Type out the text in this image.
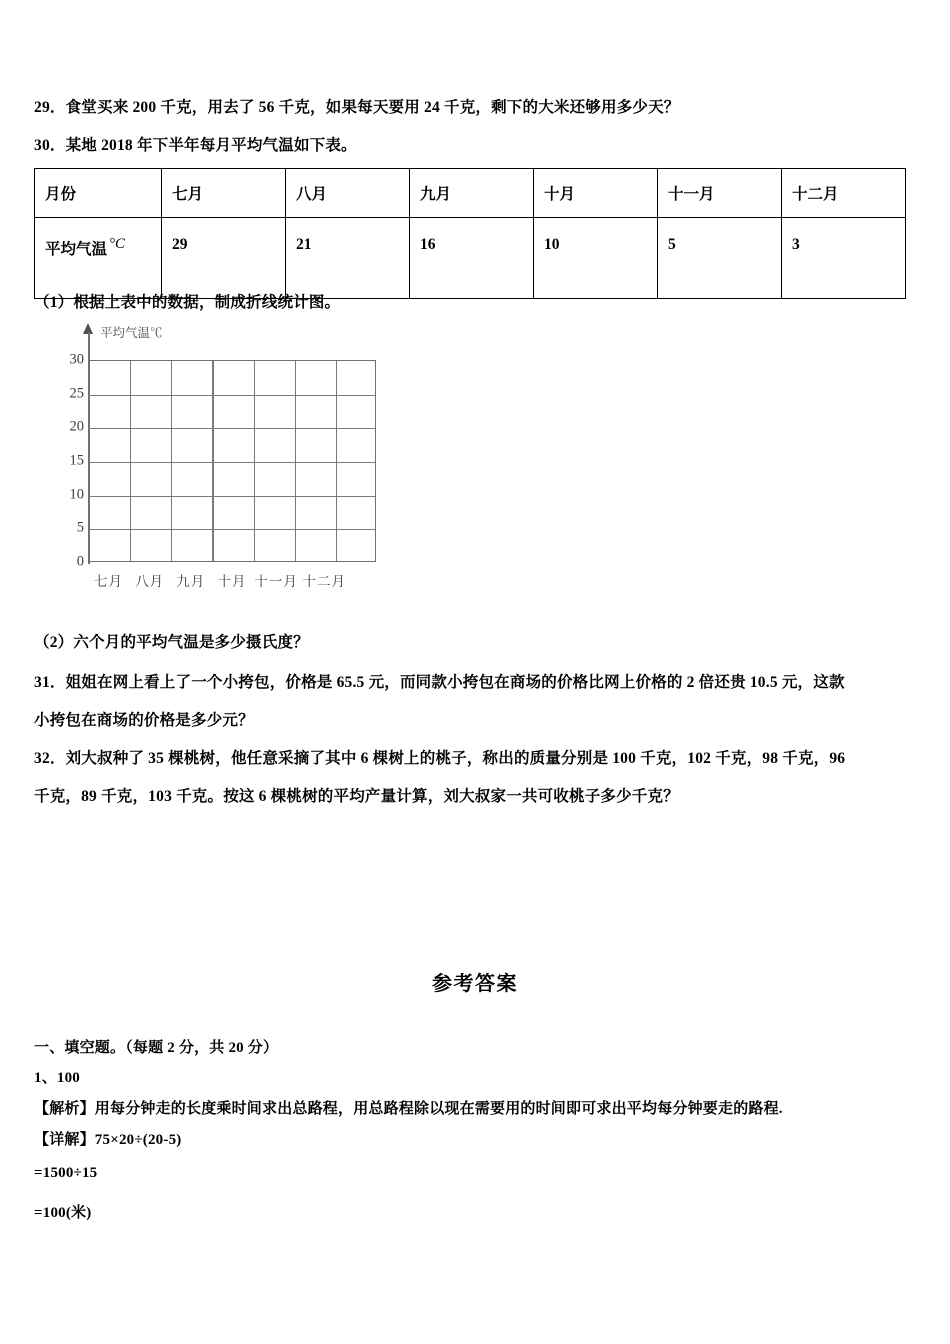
29．食堂买来 200 千克，用去了 56 千克，如果每天要用 24 千克，剩下的大米还够用多少天？
30．某地 2018 年下半年每月平均气温如下表。
月份	七月	八月	九月	十月	十一月	十二月
平均气温 °C	29	21	16	10	5	3
（1）根据上表中的数据，制成折线统计图。
平均气温℃
30
25
20
15
10
5
0
七月 八月 九月 十月 十一月 十二月
（2）六个月的平均气温是多少摄氏度？
31．姐姐在网上看上了一个小挎包，价格是 65.5 元，而同款小挎包在商场的价格比网上价格的 2 倍还贵 10.5 元，这款
小挎包在商场的价格是多少元？
32．刘大叔种了 35 棵桃树，他任意采摘了其中 6 棵树上的桃子，称出的质量分别是 100 千克，102 千克，98 千克，96
千克，89 千克，103 千克。按这 6 棵桃树的平均产量计算，刘大叔家一共可收桃子多少千克？
参考答案
一、填空题。（每题 2 分，共 20 分）
1、100
【解析】用每分钟走的长度乘时间求出总路程，用总路程除以现在需要用的时间即可求出平均每分钟要走的路程.
【详解】75×20÷(20-5)
=1500÷15
=100(米)
